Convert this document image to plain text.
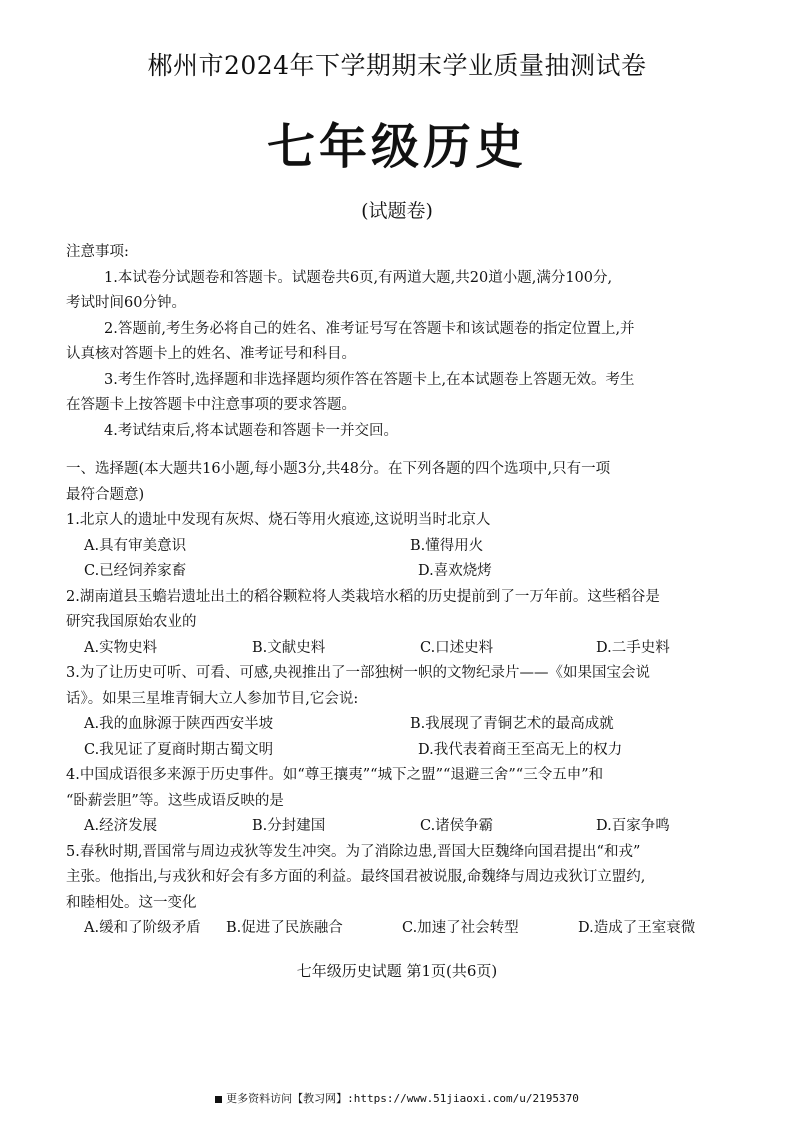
郴州市2024年下学期期末学业质量抽测试卷
七年级历史
(试题卷)
注意事项:
1.本试卷分试题卷和答题卡。试题卷共6页,有两道大题,共20道小题,满分100分,
考试时间60分钟。
2.答题前,考生务必将自己的姓名、准考证号写在答题卡和该试题卷的指定位置上,并
认真核对答题卡上的姓名、准考证号和科目。
3.考生作答时,选择题和非选择题均须作答在答题卡上,在本试题卷上答题无效。考生
在答题卡上按答题卡中注意事项的要求答题。
4.考试结束后,将本试题卷和答题卡一并交回。
一、选择题(本大题共16小题,每小题3分,共48分。在下列各题的四个选项中,只有一项
最符合题意)
1.北京人的遗址中发现有灰烬、烧石等用火痕迹,这说明当时北京人
A.具有审美意识	B.懂得用火
C.已经饲养家畜	D.喜欢烧烤
2.湖南道县玉蟾岩遗址出土的稻谷颗粒将人类栽培水稻的历史提前到了一万年前。这些稻谷是
研究我国原始农业的
A.实物史料	B.文献史料	C.口述史料	D.二手史料
3.为了让历史可听、可看、可感,央视推出了一部独树一帜的文物纪录片——《如果国宝会说
话》。如果三星堆青铜大立人参加节目,它会说:
A.我的血脉源于陕西西安半坡	B.我展现了青铜艺术的最高成就
C.我见证了夏商时期古蜀文明	D.我代表着商王至高无上的权力
4.中国成语很多来源于历史事件。如“尊王攘夷”“城下之盟”“退避三舍”“三令五申”和
“卧薪尝胆”等。这些成语反映的是
A.经济发展	B.分封建国	C.诸侯争霸	D.百家争鸣
5.春秋时期,晋国常与周边戎狄等发生冲突。为了消除边患,晋国大臣魏绛向国君提出“和戎”
主张。他指出,与戎狄和好会有多方面的利益。最终国君被说服,命魏绛与周边戎狄订立盟约,
和睦相处。这一变化
A.缓和了阶级矛盾	B.促进了民族融合	C.加速了社会转型	D.造成了王室衰微
七年级历史试题 第1页(共6页)
更多资料访问【教习网】:https://www.51jiaoxi.com/u/2195370
